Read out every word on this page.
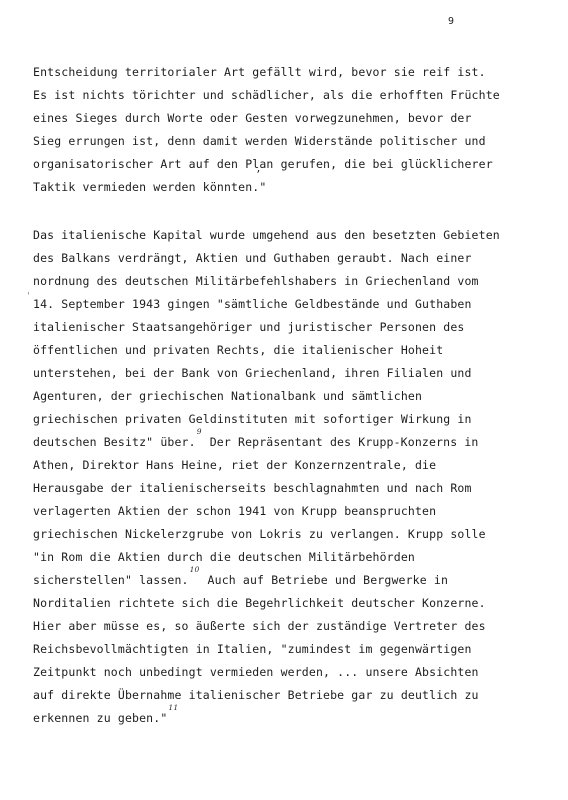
9
Entscheidung territorialer Art gefällt wird, bevor sie reif ist.
Es ist nichts törichter und schädlicher, als die erhofften Früchte
eines Sieges durch Worte oder Gesten vorwegzunehmen, bevor der
Sieg errungen ist, denn damit werden Widerstände politischer und
organisatorischer Art auf den Plan gerufen, die bei glücklicherer
Taktik vermieden werden könnten."
ʼ
Das italienische Kapital wurde umgehend aus den besetzten Gebieten
des Balkans verdrängt, Aktien und Guthaben geraubt. Nach einer
nordnung des deutschen Militärbefehlshabers in Griechenland vom
14. September 1943 gingen "sämtliche Geldbestände und Guthaben
italienischer Staatsangehöriger und juristischer Personen des
öffentlichen und privaten Rechts, die italienischer Hoheit
unterstehen, bei der Bank von Griechenland, ihren Filialen und
Agenturen, der griechischen Nationalbank und sämtlichen
griechischen privaten Geldinstituten mit sofortiger Wirkung in
deutschen Besitz" über.$^9$ Der Repräsentant des Krupp-Konzerns in
Athen, Direktor Hans Heine, riet der Konzernzentrale, die
Herausgabe der italienischerseits beschlagnahmten und nach Rom
verlagerten Aktien der schon 1941 von Krupp beanspruchten
griechischen Nickelerzgrube von Lokris zu verlangen. Krupp solle
"in Rom die Aktien durch die deutschen Militärbehörden
sicherstellen" lassen.$^{10}$ Auch auf Betriebe und Bergwerke in
Norditalien richtete sich die Begehrlichkeit deutscher Konzerne.
Hier aber müsse es, so äußerte sich der zuständige Vertreter des
Reichsbevollmächtigten in Italien, "zumindest im gegenwärtigen
Zeitpunkt noch unbedingt vermieden werden, ... unsere Absichten
auf direkte Übernahme italienischer Betriebe gar zu deutlich zu
erkennen zu geben."$^{11}$
ˌ
